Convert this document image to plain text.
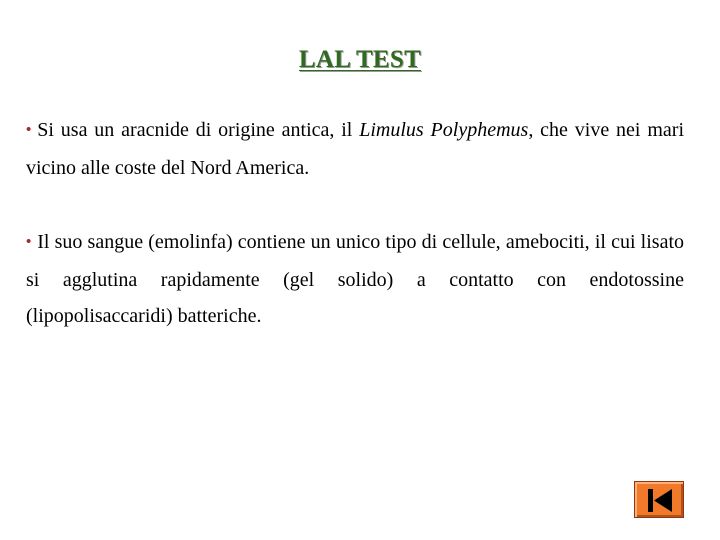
LAL TEST

• Si usa un aracnide di origine antica, il Limulus Polyphemus, che vive nei mari vicino alle coste del Nord America.

• Il suo sangue (emolinfa) contiene un unico tipo di cellule, amebociti, il cui lisato si agglutina rapidamente (gel solido) a contatto con endotossine (lipopolisaccaridi) batteriche.
